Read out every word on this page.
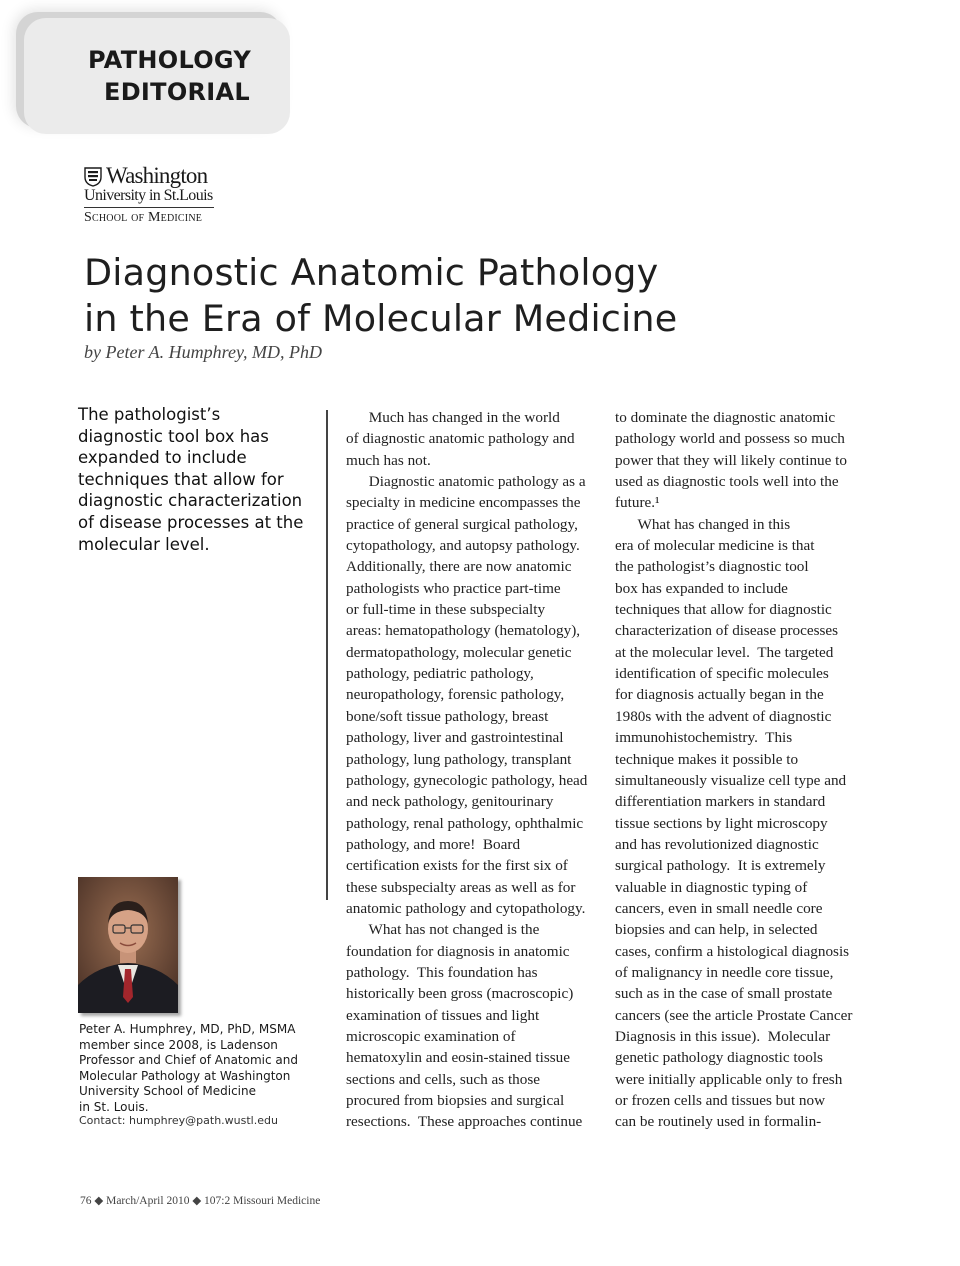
PATHOLOGY
EDITORIAL
Washington
University in St.Louis
School of Medicine
Diagnostic Anatomic Pathology
in the Era of Molecular Medicine
by Peter A. Humphrey, MD, PhD
The pathologist’s
diagnostic tool box has
expanded to include
techniques that allow for
diagnostic characterization
of disease processes at the
molecular level.
Peter A. Humphrey, MD, PhD, MSMA
member since 2008, is Ladenson
Professor and Chief of Anatomic and
Molecular Pathology at Washington
University School of Medicine
in St. Louis.
Contact: humphrey@path.wustl.edu
Much has changed in the world
of diagnostic anatomic pathology and
much has not.
Diagnostic anatomic pathology as a
specialty in medicine encompasses the
practice of general surgical pathology,
cytopathology, and autopsy pathology.
Additionally, there are now anatomic
pathologists who practice part-time
or full-time in these subspecialty
areas: hematopathology (hematology),
dermatopathology, molecular genetic
pathology, pediatric pathology,
neuropathology, forensic pathology,
bone/soft tissue pathology, breast
pathology, liver and gastrointestinal
pathology, lung pathology, transplant
pathology, gynecologic pathology, head
and neck pathology, genitourinary
pathology, renal pathology, ophthalmic
pathology, and more!  Board
certification exists for the first six of
these subspecialty areas as well as for
anatomic pathology and cytopathology.
What has not changed is the
foundation for diagnosis in anatomic
pathology.  This foundation has
historically been gross (macroscopic)
examination of tissues and light
microscopic examination of
hematoxylin and eosin-stained tissue
sections and cells, such as those
procured from biopsies and surgical
resections.  These approaches continue
to dominate the diagnostic anatomic
pathology world and possess so much
power that they will likely continue to
used as diagnostic tools well into the
future.¹
What has changed in this
era of molecular medicine is that
the pathologist’s diagnostic tool
box has expanded to include
techniques that allow for diagnostic
characterization of disease processes
at the molecular level.  The targeted
identification of specific molecules
for diagnosis actually began in the
1980s with the advent of diagnostic
immunohistochemistry.  This
technique makes it possible to
simultaneously visualize cell type and
differentiation markers in standard
tissue sections by light microscopy
and has revolutionized diagnostic
surgical pathology.  It is extremely
valuable in diagnostic typing of
cancers, even in small needle core
biopsies and can help, in selected
cases, confirm a histological diagnosis
of malignancy in needle core tissue,
such as in the case of small prostate
cancers (see the article Prostate Cancer
Diagnosis in this issue).  Molecular
genetic pathology diagnostic tools
were initially applicable only to fresh
or frozen cells and tissues but now
can be routinely used in formalin-
76 ◆ March/April 2010 ◆ 107:2 Missouri Medicine
